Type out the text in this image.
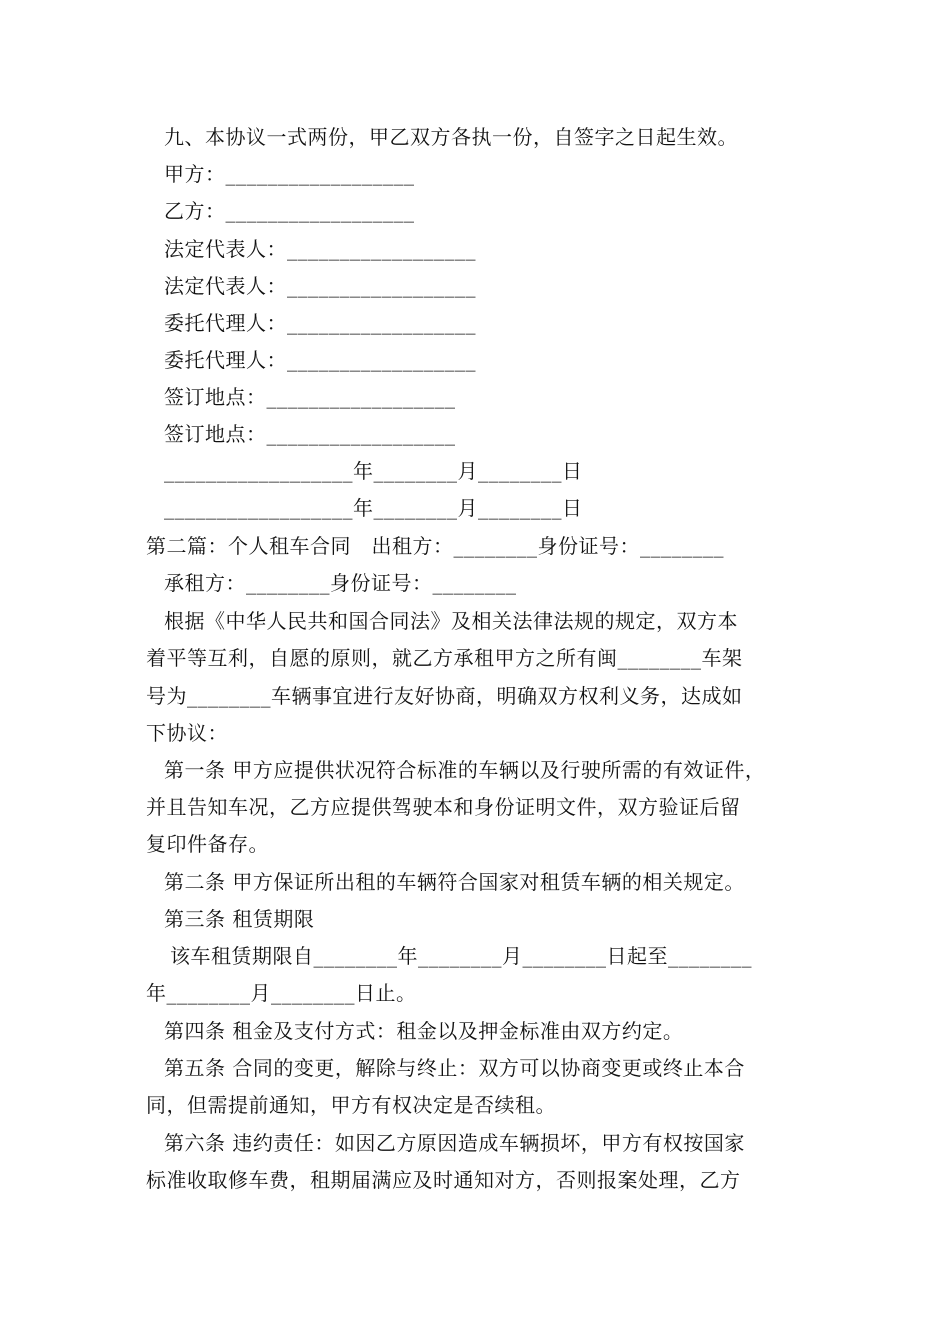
九、本协议一式两份，甲乙双方各执一份，自签字之日起生效。
甲方：__________________
乙方：__________________
法定代表人：__________________
法定代表人：__________________
委托代理人：__________________
委托代理人：__________________
签订地点：__________________
签订地点：__________________
__________________年________月________日
__________________年________月________日
第二篇：个人租车合同　出租方：________身份证号：________
承租方：________身份证号：________
根据《中华人民共和国合同法》及相关法律法规的规定，双方本
着平等互利，自愿的原则，就乙方承租甲方之所有闽________车架
号为________车辆事宜进行友好协商，明确双方权利义务，达成如
下协议：
第一条 甲方应提供状况符合标准的车辆以及行驶所需的有效证件，
并且告知车况，乙方应提供驾驶本和身份证明文件，双方验证后留
复印件备存。
第二条 甲方保证所出租的车辆符合国家对租赁车辆的相关规定。
第三条 租赁期限
该车租赁期限自________年________月________日起至________
年________月________日止。
第四条 租金及支付方式：租金以及押金标准由双方约定。
第五条 合同的变更，解除与终止：双方可以协商变更或终止本合
同，但需提前通知，甲方有权决定是否续租。
第六条 违约责任：如因乙方原因造成车辆损坏，甲方有权按国家
标准收取修车费，租期届满应及时通知对方，否则报案处理，乙方
